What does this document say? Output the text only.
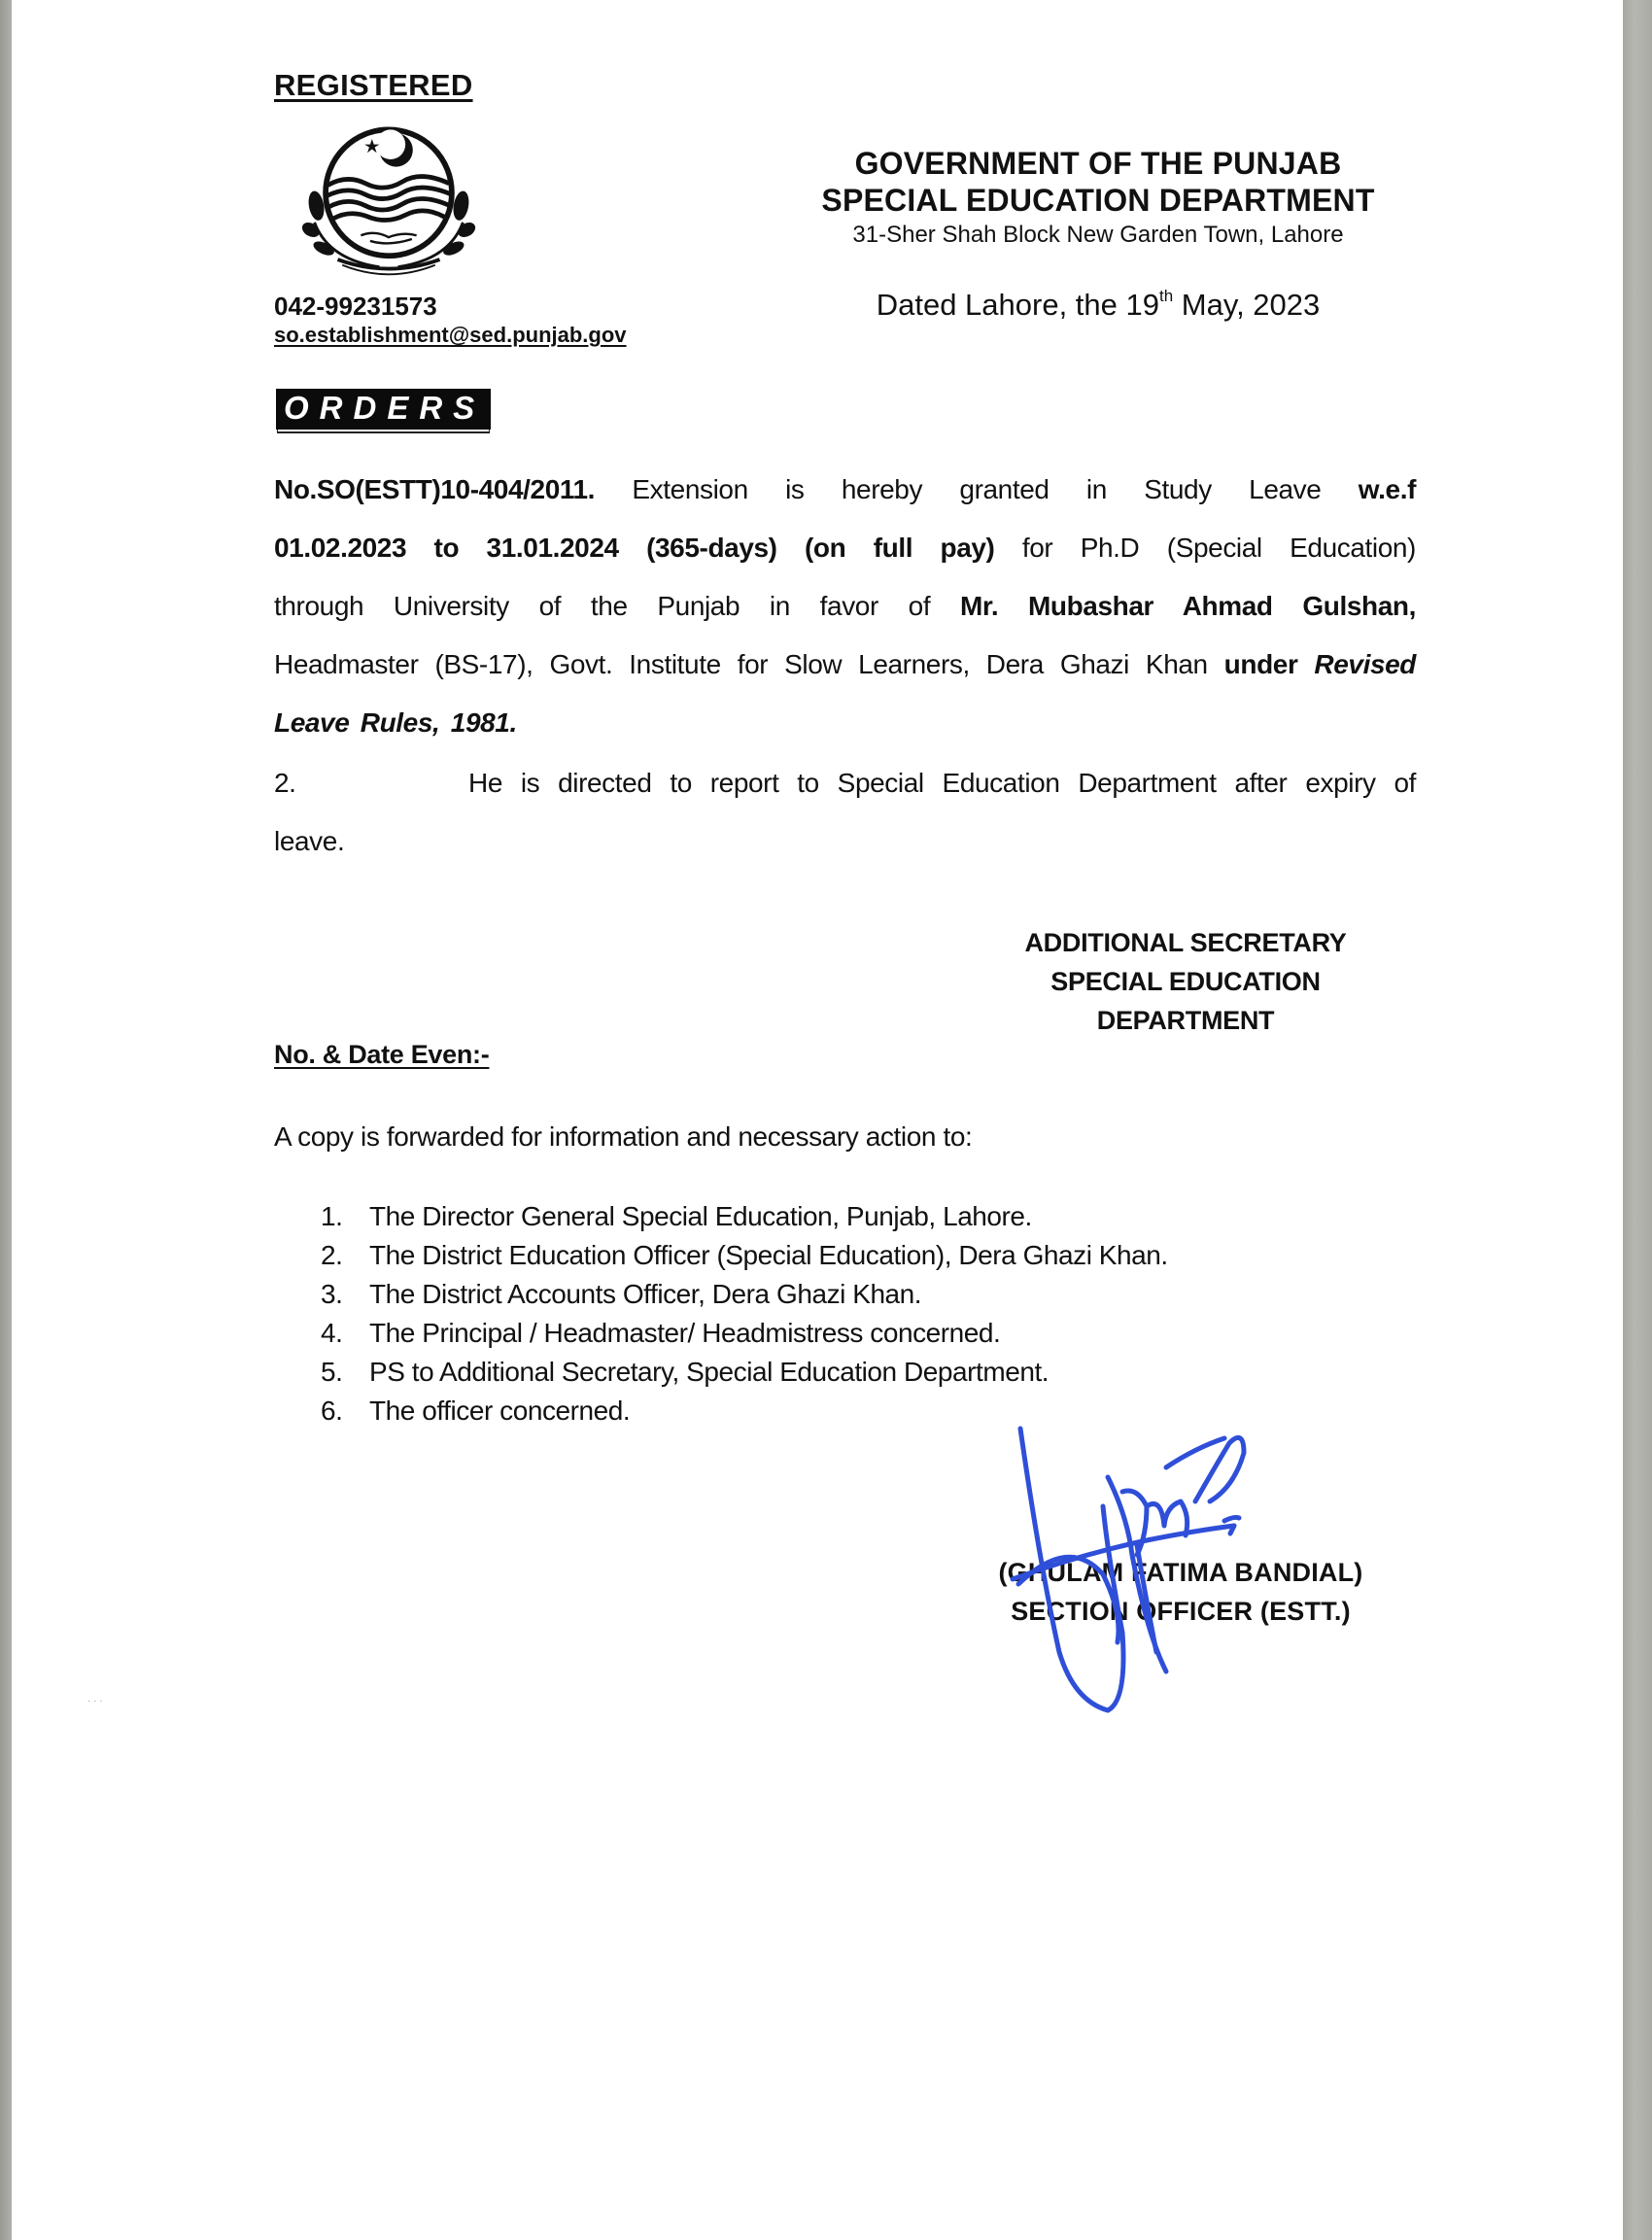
REGISTERED
GOVERNMENT OF THE PUNJAB
SPECIAL EDUCATION DEPARTMENT
31-Sher Shah Block New Garden Town, Lahore
042-99231573
so.establishment@sed.punjab.gov
Dated Lahore, the 19th May, 2023
ORDERS
No.SO(ESTT)10-404/2011. Extension is hereby granted in Study Leave w.e.f
01.02.2023 to 31.01.2024 (365-days) (on full pay) for Ph.D (Special Education)
through University of the Punjab in favor of Mr. Mubashar Ahmad Gulshan,
Headmaster (BS-17), Govt. Institute for Slow Learners, Dera Ghazi Khan under Revised
Leave Rules, 1981.
2.	He is directed to report to Special Education Department after expiry of
leave.
ADDITIONAL SECRETARY
SPECIAL EDUCATION
DEPARTMENT
No. & Date Even:-
A copy is forwarded for information and necessary action to:
1. The Director General Special Education, Punjab, Lahore.
2. The District Education Officer (Special Education), Dera Ghazi Khan.
3. The District Accounts Officer, Dera Ghazi Khan.
4. The Principal / Headmaster/ Headmistress concerned.
5. PS to Additional Secretary, Special Education Department.
6. The officer concerned.
(GHULAM FATIMA BANDIAL)
SECTION OFFICER (ESTT.)
· · ·
